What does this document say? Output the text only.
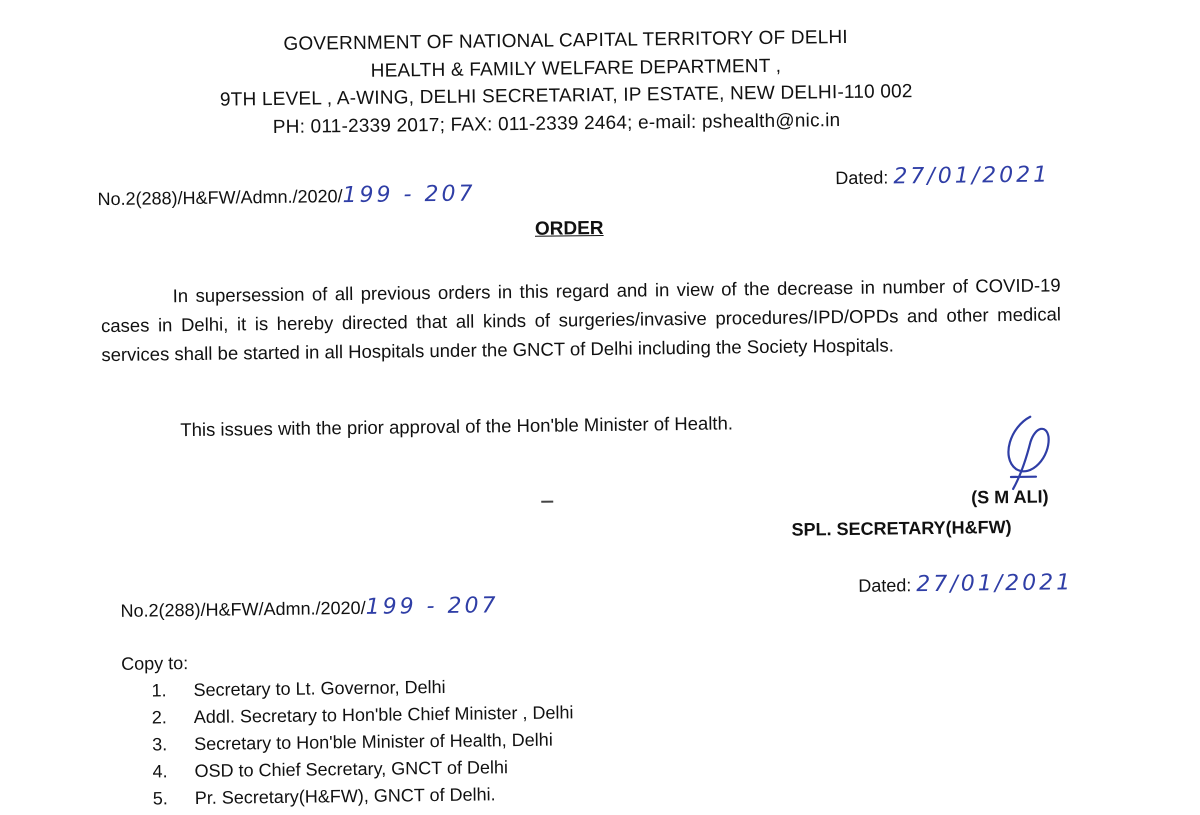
GOVERNMENT OF NATIONAL CAPITAL TERRITORY OF DELHI
HEALTH & FAMILY WELFARE DEPARTMENT ,
9TH LEVEL , A-WING, DELHI SECRETARIAT, IP ESTATE, NEW DELHI-110 002
PH: 011-2339 2017; FAX: 011-2339 2464; e-mail: pshealth@nic.in
No.2(288)/H&FW/Admn./2020/199 - 207
Dated: 27/01/2021
ORDER
In supersession of all previous orders in this regard and in view of the decrease in number of COVID-19 cases in Delhi, it is hereby directed that all kinds of surgeries/invasive procedures/IPD/OPDs and other medical services shall be started in all Hospitals under the GNCT of Delhi including the Society Hospitals.
This issues with the prior approval of the Hon'ble Minister of Health.
(S M ALI)
SPL. SECRETARY(H&FW)
No.2(288)/H&FW/Admn./2020/199 - 207
Dated: 27/01/2021
Copy to:
1. Secretary to Lt. Governor, Delhi
2. Addl. Secretary to Hon'ble Chief Minister , Delhi
3. Secretary to Hon'ble Minister of Health, Delhi
4. OSD to Chief Secretary, GNCT of Delhi
5. Pr. Secretary(H&FW), GNCT of Delhi.
